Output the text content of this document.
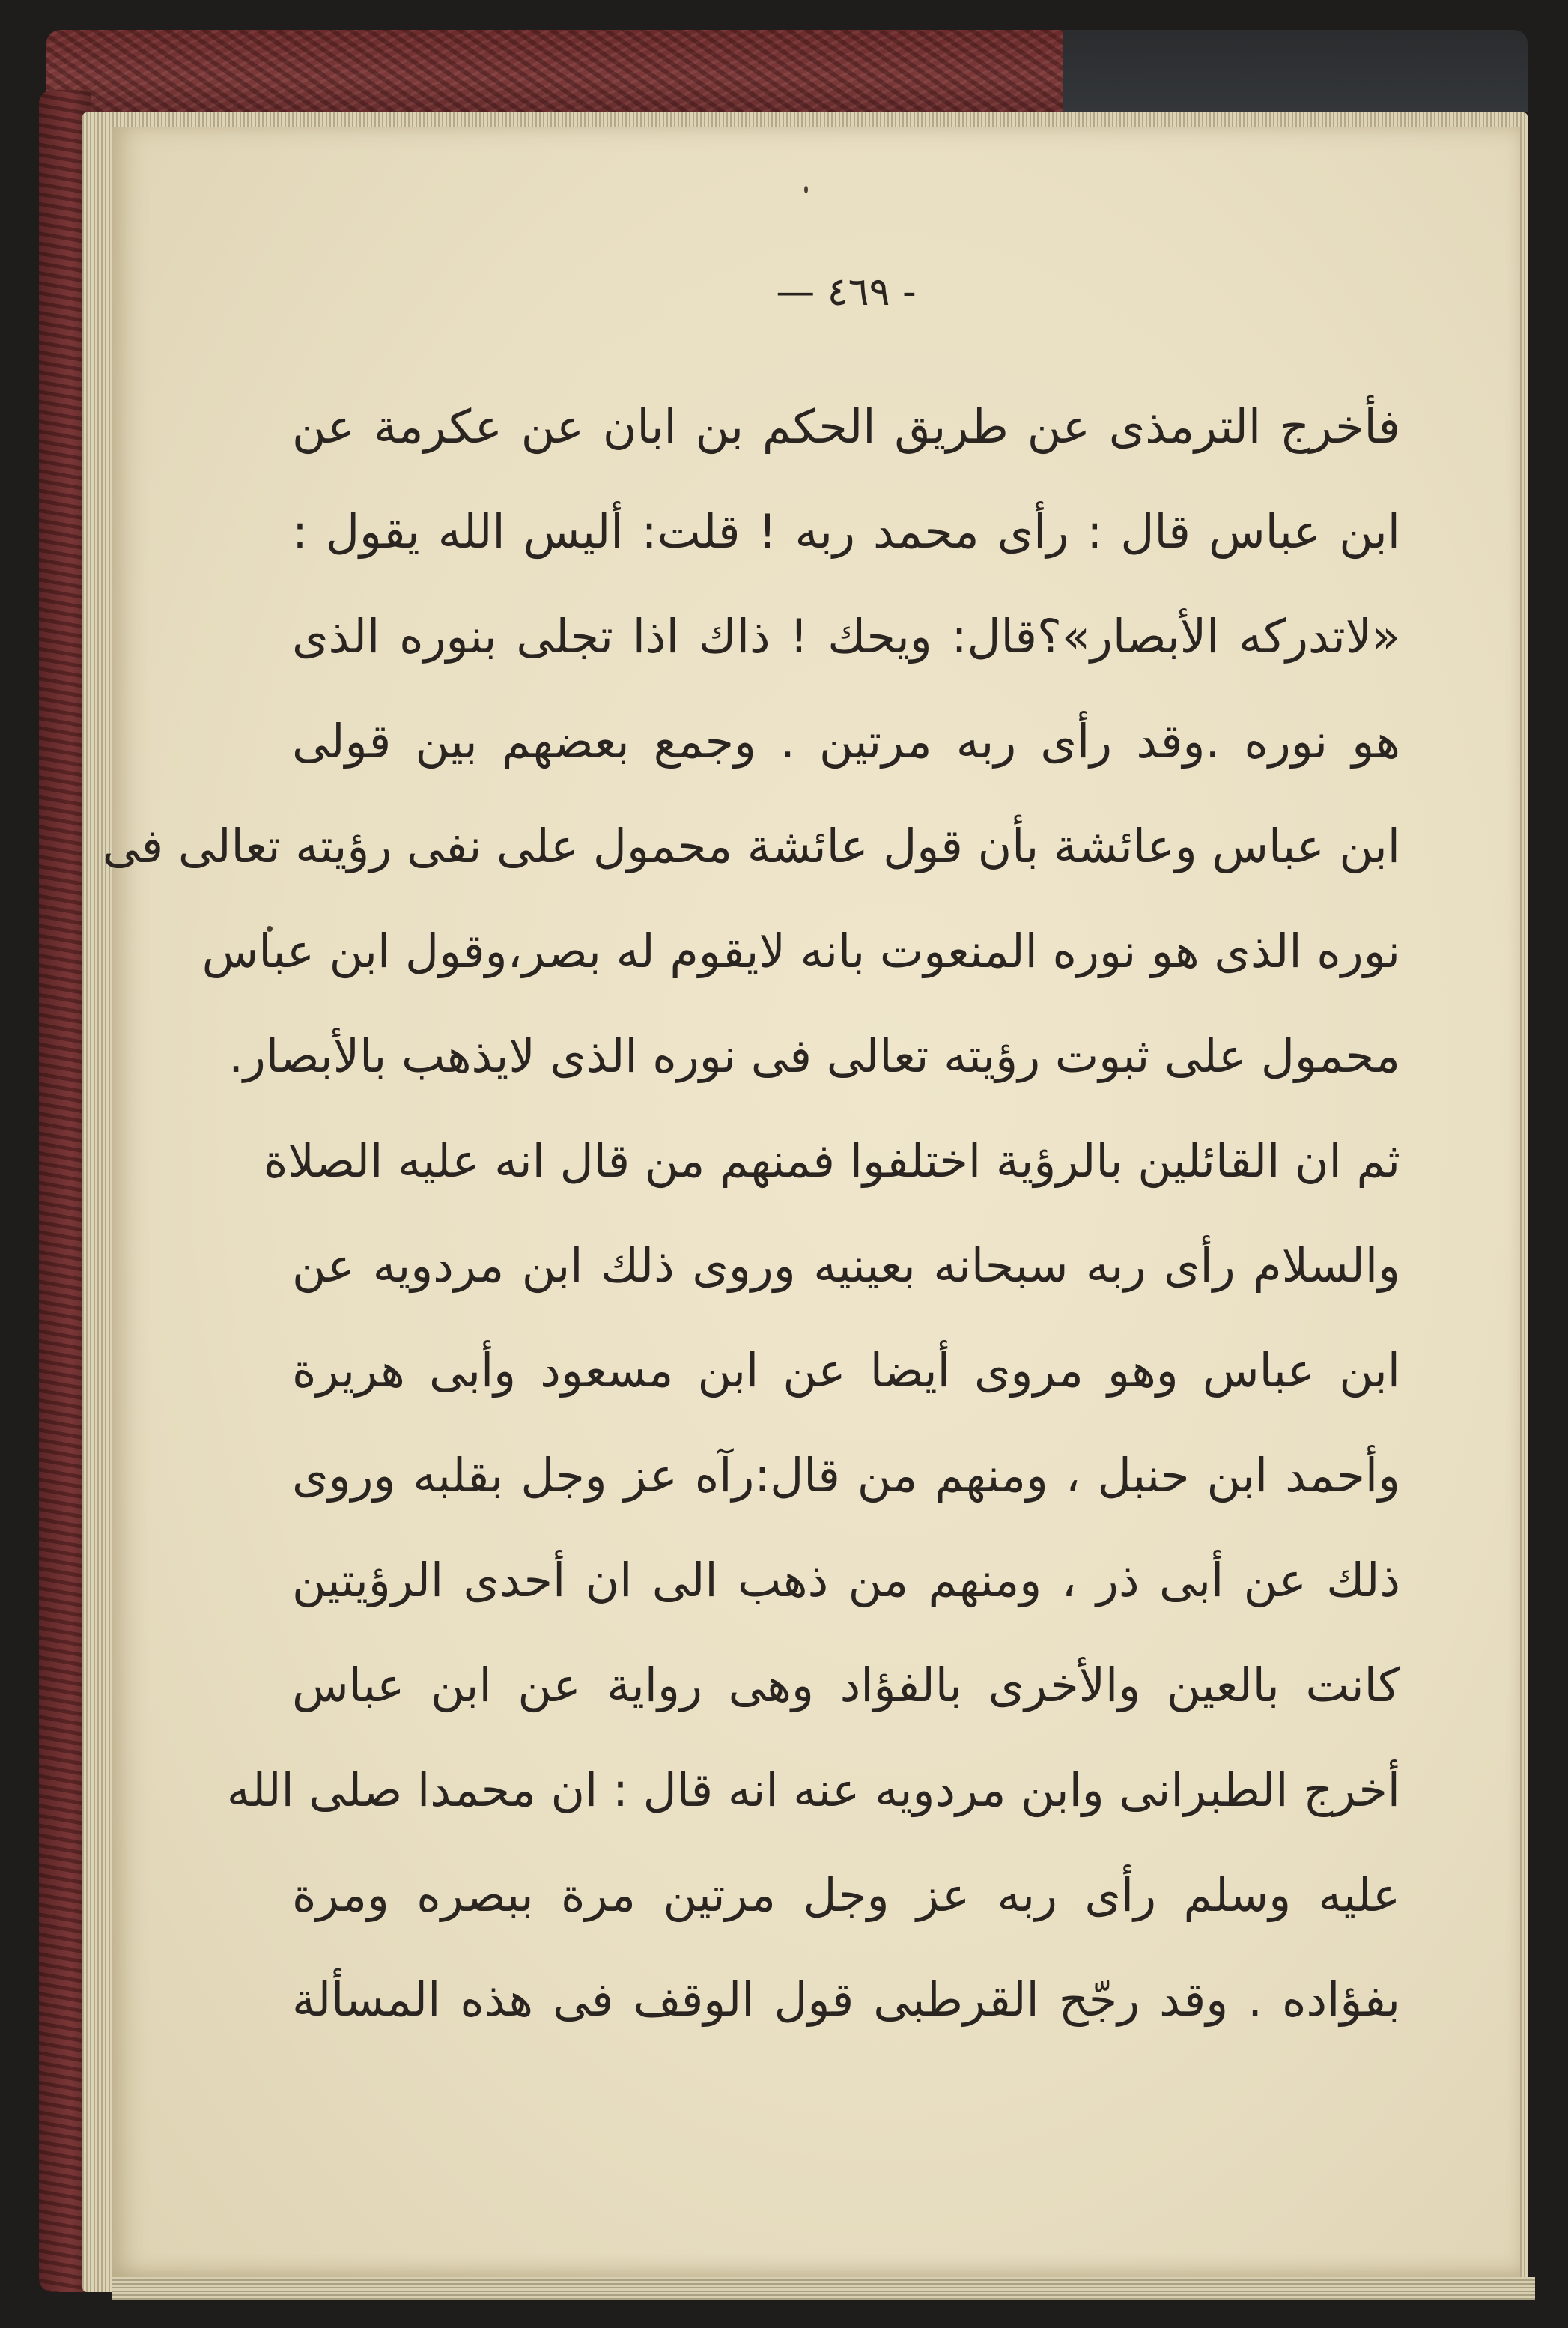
— ٤٦٩ -
فأخرج الترمذى عن طريق الحكم بن ابان عن عكرمة عن
ابن عباس قال : رأى محمد ربه ! قلت: أليس الله يقول :
«لاتدركه الأبصار»؟قال: ويحك ! ذاك اذا تجلى بنوره الذى
هو نوره .وقد رأى ربه مرتين . وجمع بعضهم بين قولى
ابن عباس وعائشة بأن قول عائشة محمول على نفى رؤيته تعالى فى
نوره الذى هو نوره المنعوت بانه لايقوم له بصر،وقول ابن عباس
محمول على ثبوت رؤيته تعالى فى نوره الذى لايذهب بالأبصار.
ثم ان القائلين بالرؤية اختلفوا فمنهم من قال انه عليه الصلاة
والسلام رأى ربه سبحانه بعينيه وروى ذلك ابن مردويه عن
ابن عباس وهو مروى أيضا عن ابن مسعود وأبى هريرة
وأحمد ابن حنبل ، ومنهم من قال:رآه عز وجل بقلبه وروى
ذلك عن أبى ذر ، ومنهم من ذهب الى ان أحدى الرؤيتين
كانت بالعين والأخرى بالفؤاد وهى رواية عن ابن عباس
أخرج الطبرانى وابن مردويه عنه انه قال : ان محمدا صلى الله
عليه وسلم رأى ربه عز وجل مرتين مرة ببصره ومرة
بفؤاده . وقد رجّح القرطبى قول الوقف فى هذه المسألة
